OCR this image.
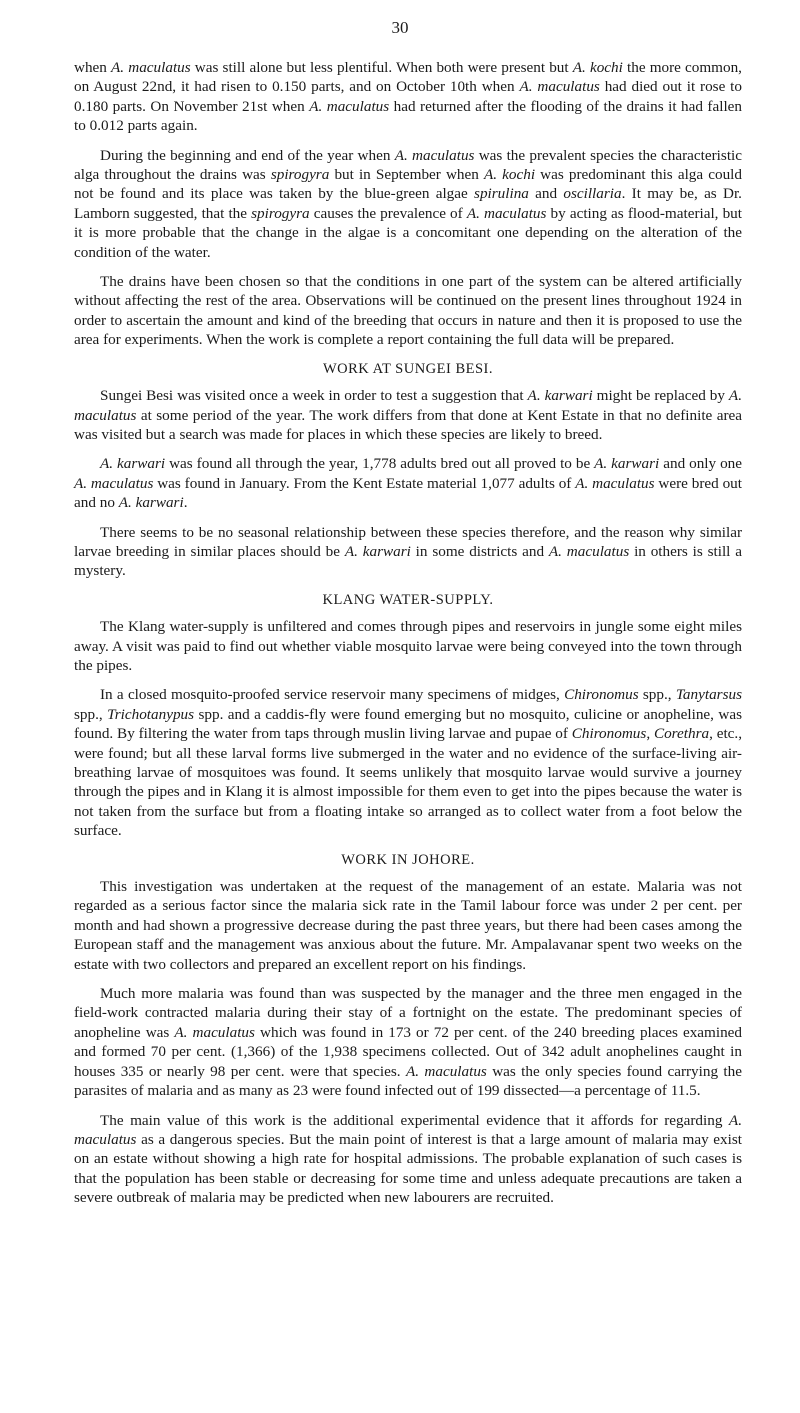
30

when A. maculatus was still alone but less plentiful. When both were present but A. kochi the more common, on August 22nd, it had risen to 0.150 parts, and on October 10th when A. maculatus had died out it rose to 0.180 parts. On November 21st when A. maculatus had returned after the flooding of the drains it had fallen to 0.012 parts again.

During the beginning and end of the year when A. maculatus was the prevalent species the characteristic alga throughout the drains was spirogyra but in September when A. kochi was predominant this alga could not be found and its place was taken by the blue-green algae spirulina and oscillaria. It may be, as Dr. Lamborn suggested, that the spirogyra causes the prevalence of A. maculatus by acting as flood-material, but it is more probable that the change in the algae is a concomitant one depending on the alteration of the condition of the water.

The drains have been chosen so that the conditions in one part of the system can be altered artificially without affecting the rest of the area. Observations will be continued on the present lines throughout 1924 in order to ascertain the amount and kind of the breeding that occurs in nature and then it is proposed to use the area for experiments. When the work is complete a report containing the full data will be prepared.

WORK AT SUNGEI BESI.

Sungei Besi was visited once a week in order to test a suggestion that A. karwari might be replaced by A. maculatus at some period of the year. The work differs from that done at Kent Estate in that no definite area was visited but a search was made for places in which these species are likely to breed.

A. karwari was found all through the year, 1,778 adults bred out all proved to be A. karwari and only one A. maculatus was found in January. From the Kent Estate material 1,077 adults of A. maculatus were bred out and no A. karwari.

There seems to be no seasonal relationship between these species therefore, and the reason why similar larvae breeding in similar places should be A. karwari in some districts and A. maculatus in others is still a mystery.

KLANG WATER-SUPPLY.

The Klang water-supply is unfiltered and comes through pipes and reservoirs in jungle some eight miles away. A visit was paid to find out whether viable mosquito larvae were being conveyed into the town through the pipes.

In a closed mosquito-proofed service reservoir many specimens of midges, Chironomus spp., Tanytarsus spp., Trichotanypus spp. and a caddis-fly were found emerging but no mosquito, culicine or anopheline, was found. By filtering the water from taps through muslin living larvae and pupae of Chironomus, Corethra, etc., were found; but all these larval forms live submerged in the water and no evidence of the surface-living air-breathing larvae of mosquitoes was found. It seems unlikely that mosquito larvae would survive a journey through the pipes and in Klang it is almost impossible for them even to get into the pipes because the water is not taken from the surface but from a floating intake so arranged as to collect water from a foot below the surface.

WORK IN JOHORE.

This investigation was undertaken at the request of the management of an estate. Malaria was not regarded as a serious factor since the malaria sick rate in the Tamil labour force was under 2 per cent. per month and had shown a progressive decrease during the past three years, but there had been cases among the European staff and the management was anxious about the future. Mr. Ampalavanar spent two weeks on the estate with two collectors and prepared an excellent report on his findings.

Much more malaria was found than was suspected by the manager and the three men engaged in the field-work contracted malaria during their stay of a fortnight on the estate. The predominant species of anopheline was A. maculatus which was found in 173 or 72 per cent. of the 240 breeding places examined and formed 70 per cent. (1,366) of the 1,938 specimens collected. Out of 342 adult anophelines caught in houses 335 or nearly 98 per cent. were that species. A. maculatus was the only species found carrying the parasites of malaria and as many as 23 were found infected out of 199 dissected—a percentage of 11.5.

The main value of this work is the additional experimental evidence that it affords for regarding A. maculatus as a dangerous species. But the main point of interest is that a large amount of malaria may exist on an estate without showing a high rate for hospital admissions. The probable explanation of such cases is that the population has been stable or decreasing for some time and unless adequate precautions are taken a severe outbreak of malaria may be predicted when new labourers are recruited.
